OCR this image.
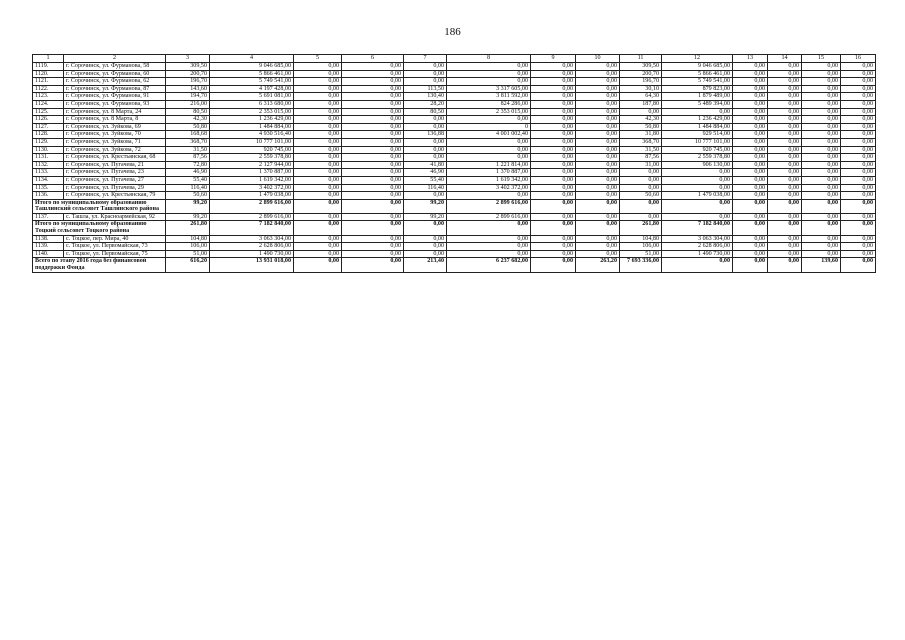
186
1	2	3	4	5	6	7	8	9	10	11	12	13	14	15	16
1119.	г. Сорочинск, ул. Фурманова, 58	309,50	9 046 685,00	0,00	0,00	0,00	0,00	0,00	0,00	309,50	9 046 685,00	0,00	0,00	0,00	0,00
1120.	г. Сорочинск, ул. Фурманова, 60	200,70	5 866 461,00	0,00	0,00	0,00	0,00	0,00	0,00	200,70	5 866 461,00	0,00	0,00	0,00	0,00
1121.	г. Сорочинск, ул. Фурманова, 62	196,70	5 749 541,00	0,00	0,00	0,00	0,00	0,00	0,00	196,70	5 749 541,00	0,00	0,00	0,00	0,00
1122.	г. Сорочинск, ул. Фурманова, 87	143,60	4 197 428,00	0,00	0,00	113,50	3 317 605,00	0,00	0,00	30,10	879 823,00	0,00	0,00	0,00	0,00
1123.	г. Сорочинск, ул. Фурманова, 91	194,70	5 691 081,00	0,00	0,00	130,40	3 811 592,00	0,00	0,00	64,30	1 879 489,00	0,00	0,00	0,00	0,00
1124.	г. Сорочинск, ул. Фурманова, 93	216,00	6 313 680,00	0,00	0,00	28,20	824 286,00	0,00	0,00	187,80	5 489 394,00	0,00	0,00	0,00	0,00
1125.	г. Сорочинск, ул. 8 Марта, 24	80,50	2 353 015,00	0,00	0,00	80,50	2 353 015,00	0,00	0,00	0,00	0,00	0,00	0,00	0,00	0,00
1126.	г. Сорочинск, ул. 8 Марта, 8	42,30	1 236 429,00	0,00	0,00	0,00	0,00	0,00	0,00	42,30	1 236 429,00	0,00	0,00	0,00	0,00
1127.	г. Сорочинск, ул. Зуйкова, 69	50,80	1 484 884,00	0,00	0,00	0,00	0	0,00	0,00	50,80	1 484 884,00	0,00	0,00	0,00	0,00
1128.	г. Сорочинск, ул. Зуйкова, 70	168,68	4 930 516,40	0,00	0,00	136,88	4 001 002,40	0,00	0,00	31,80	929 514,00	0,00	0,00	0,00	0,00
1129.	г. Сорочинск, ул. Зуйкова, 71	368,70	10 777 101,00	0,00	0,00	0,00	0,00	0,00	0,00	368,70	10 777 101,00	0,00	0,00	0,00	0,00
1130.	г. Сорочинск, ул. Зуйкова, 72	31,50	920 745,00	0,00	0,00	0,00	0,00	0,00	0,00	31,50	920 745,00	0,00	0,00	0,00	0,00
1131.	г. Сорочинск, ул. Крестьянская, 68	87,56	2 559 378,80	0,00	0,00	0,00	0,00	0,00	0,00	87,56	2 559 378,80	0,00	0,00	0,00	0,00
1132.	г. Сорочинск, ул. Пугачева, 21	72,80	2 127 944,00	0,00	0,00	41,80	1 221 814,00	0,00	0,00	31,00	906 130,00	0,00	0,00	0,00	0,00
1133.	г. Сорочинск, ул. Пугачева, 23	46,90	1 370 887,00	0,00	0,00	46,90	1 370 887,00	0,00	0,00	0,00	0,00	0,00	0,00	0,00	0,00
1134.	г. Сорочинск, ул. Пугачева, 27	55,40	1 619 342,00	0,00	0,00	55,40	1 619 342,00	0,00	0,00	0,00	0,00	0,00	0,00	0,00	0,00
1135.	г. Сорочинск, ул. Пугачева, 29	116,40	3 402 372,00	0,00	0,00	116,40	3 402 372,00	0,00	0,00	0,00	0,00	0,00	0,00	0,00	0,00
1136.	г. Сорочинск, ул. Крестьянская, 79	50,60	1 479 038,00	0,00	0,00	0,00	0,00	0,00	0,00	50,60	1 479 038,00	0,00	0,00	0,00	0,00
Итого по муниципальному образованию Ташлинский сельсовет Ташлинского района		99,20	2 899 616,00	0,00	0,00	99,20	2 899 616,00	0,00	0,00	0,00	0,00	0,00	0,00	0,00	0,00
1137.	с. Ташла, ул. Красноармейская, 92	99,20	2 899 616,00	0,00	0,00	99,20	2 899 616,00	0,00	0,00	0,00	0,00	0,00	0,00	0,00	0,00
Итого по муниципальному образованию Тоцкий сельсовет Тоцкого района		261,80	7 182 840,00	0,00	0,00	0,00	0,00	0,00	0,00	261,80	7 182 840,00	0,00	0,00	0,00	0,00
1138.	с. Тоцкое, пер. Мира, 40	104,80	3 063 304,00	0,00	0,00	0,00	0,00	0,00	0,00	104,80	3 063 304,00	0,00	0,00	0,00	0,00
1139.	с. Тоцкое, ул. Первомайская, 73	106,00	2 628 806,00	0,00	0,00	0,00	0,00	0,00	0,00	106,00	2 628 806,00	0,00	0,00	0,00	0,00
1140.	с. Тоцкое, ул. Первомайская, 75	51,00	1 490 730,00	0,00	0,00	0,00	0,00	0,00	0,00	51,00	1 490 730,00	0,00	0,00	0,00	0,00
Всего по этапу 2016 года без финансовой поддержки Фонда		616,20	13 931 018,00	0,00	0,00	213,40	6 237 682,00	0,00	263,20	7 693 336,00	0,00	0,00	0,00	139,60	0,00
